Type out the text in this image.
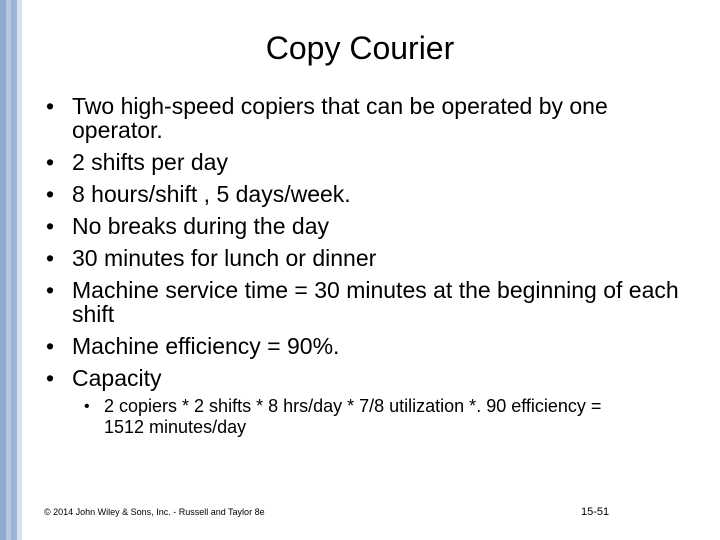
Copy Courier
• Two high-speed copiers that can be operated by one operator.
• 2 shifts per day
• 8 hours/shift , 5 days/week.
• No breaks during the day
• 30 minutes for lunch or dinner
• Machine service time = 30 minutes at the beginning of each shift
• Machine efficiency = 90%.
• Capacity
• 2 copiers * 2 shifts * 8 hrs/day * 7/8 utilization *. 90 efficiency = 1512 minutes/day
© 2014 John Wiley & Sons, Inc. - Russell and Taylor 8e	15-51
